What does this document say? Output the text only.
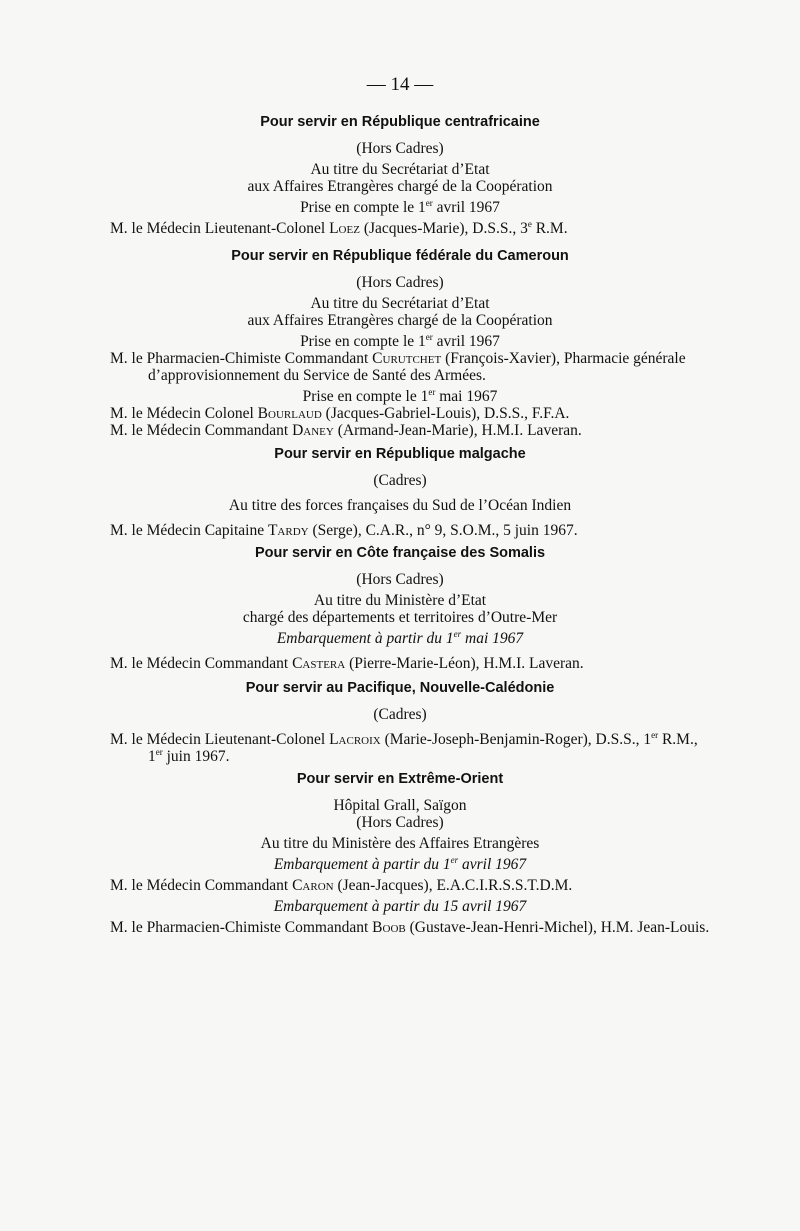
— 14 —
Pour servir en République centrafricaine
(Hors Cadres)
Au titre du Secrétariat d’Etat
aux Affaires Etrangères chargé de la Coopération
Prise en compte le 1er avril 1967
M. le Médecin Lieutenant-Colonel Loez (Jacques-Marie), D.S.S., 3e R.M.
Pour servir en République fédérale du Cameroun
(Hors Cadres)
Au titre du Secrétariat d’Etat
aux Affaires Etrangères chargé de la Coopération
Prise en compte le 1er avril 1967
M. le Pharmacien-Chimiste Commandant Curutchet (François-Xavier), Pharmacie générale
d’approvisionnement du Service de Santé des Armées.
Prise en compte le 1er mai 1967
M. le Médecin Colonel Bourlaud (Jacques-Gabriel-Louis), D.S.S., F.F.A.
M. le Médecin Commandant Daney (Armand-Jean-Marie), H.M.I. Laveran.
Pour servir en République malgache
(Cadres)
Au titre des forces françaises du Sud de l’Océan Indien
M. le Médecin Capitaine Tardy (Serge), C.A.R., n° 9, S.O.M., 5 juin 1967.
Pour servir en Côte française des Somalis
(Hors Cadres)
Au titre du Ministère d’Etat
chargé des départements et territoires d’Outre-Mer
Embarquement à partir du 1er mai 1967
M. le Médecin Commandant Castera (Pierre-Marie-Léon), H.M.I. Laveran.
Pour servir au Pacifique, Nouvelle-Calédonie
(Cadres)
M. le Médecin Lieutenant-Colonel Lacroix (Marie-Joseph-Benjamin-Roger), D.S.S., 1er R.M.,
1er juin 1967.
Pour servir en Extrême-Orient
Hôpital Grall, Saïgon
(Hors Cadres)
Au titre du Ministère des Affaires Etrangères
Embarquement à partir du 1er avril 1967
M. le Médecin Commandant Caron (Jean-Jacques), E.A.C.I.R.S.S.T.D.M.
Embarquement à partir du 15 avril 1967
M. le Pharmacien-Chimiste Commandant Boob (Gustave-Jean-Henri-Michel), H.M. Jean-Louis.
